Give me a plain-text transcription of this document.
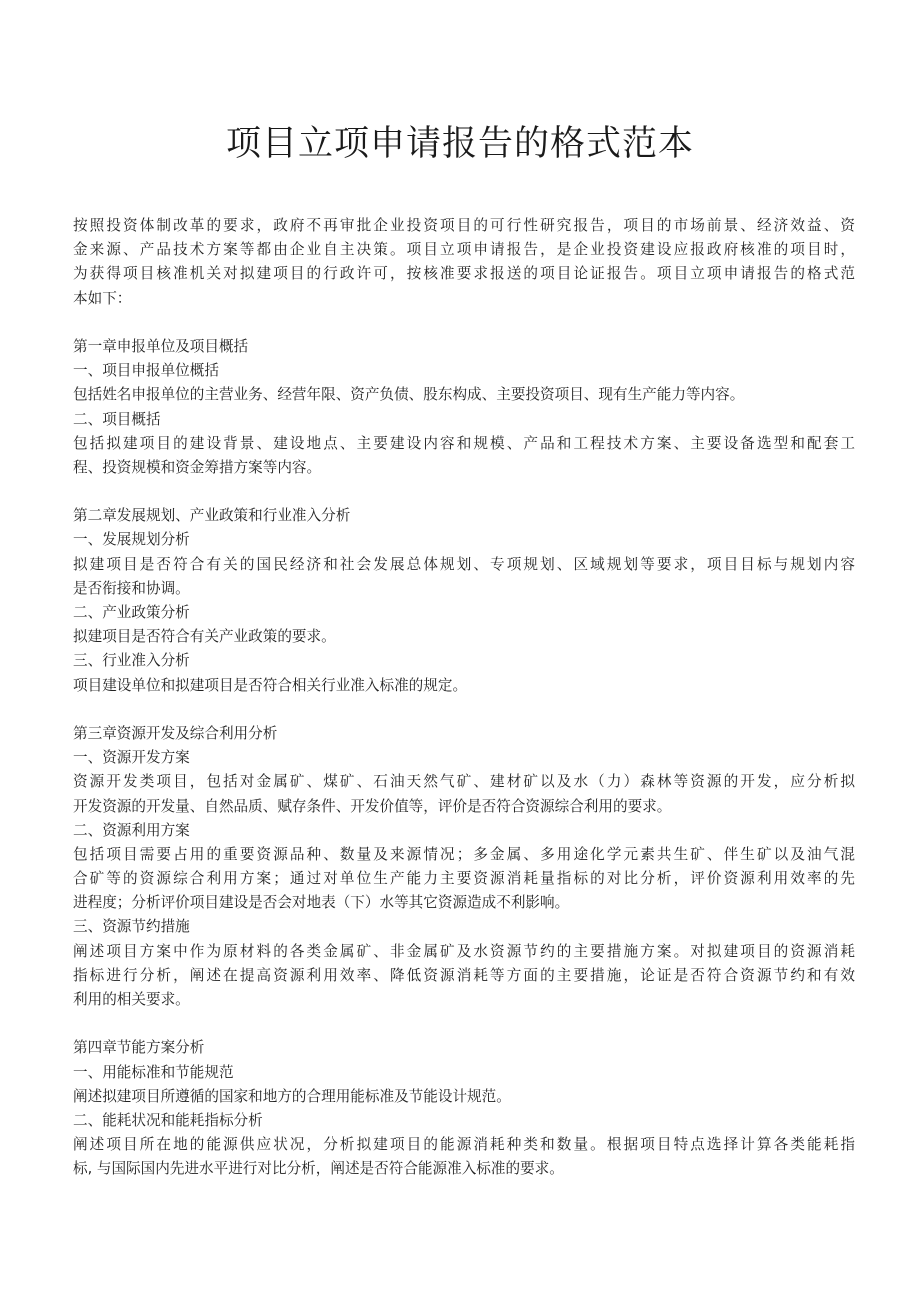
项目立项申请报告的格式范本
按照投资体制改革的要求，政府不再审批企业投资项目的可行性研究报告，项目的市场前景、经济效益、资
金来源、产品技术方案等都由企业自主决策。项目立项申请报告，是企业投资建设应报政府核准的项目时，
为获得项目核准机关对拟建项目的行政许可，按核准要求报送的项目论证报告。项目立项申请报告的格式范
本如下：
第一章申报单位及项目概括
一、项目申报单位概括
包括姓名申报单位的主营业务、经营年限、资产负债、股东构成、主要投资项目、现有生产能力等内容。
二、项目概括
包括拟建项目的建设背景、建设地点、主要建设内容和规模、产品和工程技术方案、主要设备选型和配套工
程、投资规模和资金筹措方案等内容。
第二章发展规划、产业政策和行业准入分析
一、发展规划分析
拟建项目是否符合有关的国民经济和社会发展总体规划、专项规划、区域规划等要求，项目目标与规划内容
是否衔接和协调。
二、产业政策分析
拟建项目是否符合有关产业政策的要求。
三、行业准入分析
项目建设单位和拟建项目是否符合相关行业准入标准的规定。
第三章资源开发及综合利用分析
一、资源开发方案
资源开发类项目，包括对金属矿、煤矿、石油天然气矿、建材矿以及水（力）森林等资源的开发，应分析拟
开发资源的开发量、自然品质、赋存条件、开发价值等，评价是否符合资源综合利用的要求。
二、资源利用方案
包括项目需要占用的重要资源品种、数量及来源情况；多金属、多用途化学元素共生矿、伴生矿以及油气混
合矿等的资源综合利用方案；通过对单位生产能力主要资源消耗量指标的对比分析，评价资源利用效率的先
进程度；分析评价项目建设是否会对地表（下）水等其它资源造成不利影响。
三、资源节约措施
阐述项目方案中作为原材料的各类金属矿、非金属矿及水资源节约的主要措施方案。对拟建项目的资源消耗
指标进行分析，阐述在提高资源利用效率、降低资源消耗等方面的主要措施，论证是否符合资源节约和有效
利用的相关要求。
第四章节能方案分析
一、用能标准和节能规范
阐述拟建项目所遵循的国家和地方的合理用能标准及节能设计规范。
二、能耗状况和能耗指标分析
阐述项目所在地的能源供应状况，分析拟建项目的能源消耗种类和数量。根据项目特点选择计算各类能耗指
标, 与国际国内先进水平进行对比分析，阐述是否符合能源准入标准的要求。
